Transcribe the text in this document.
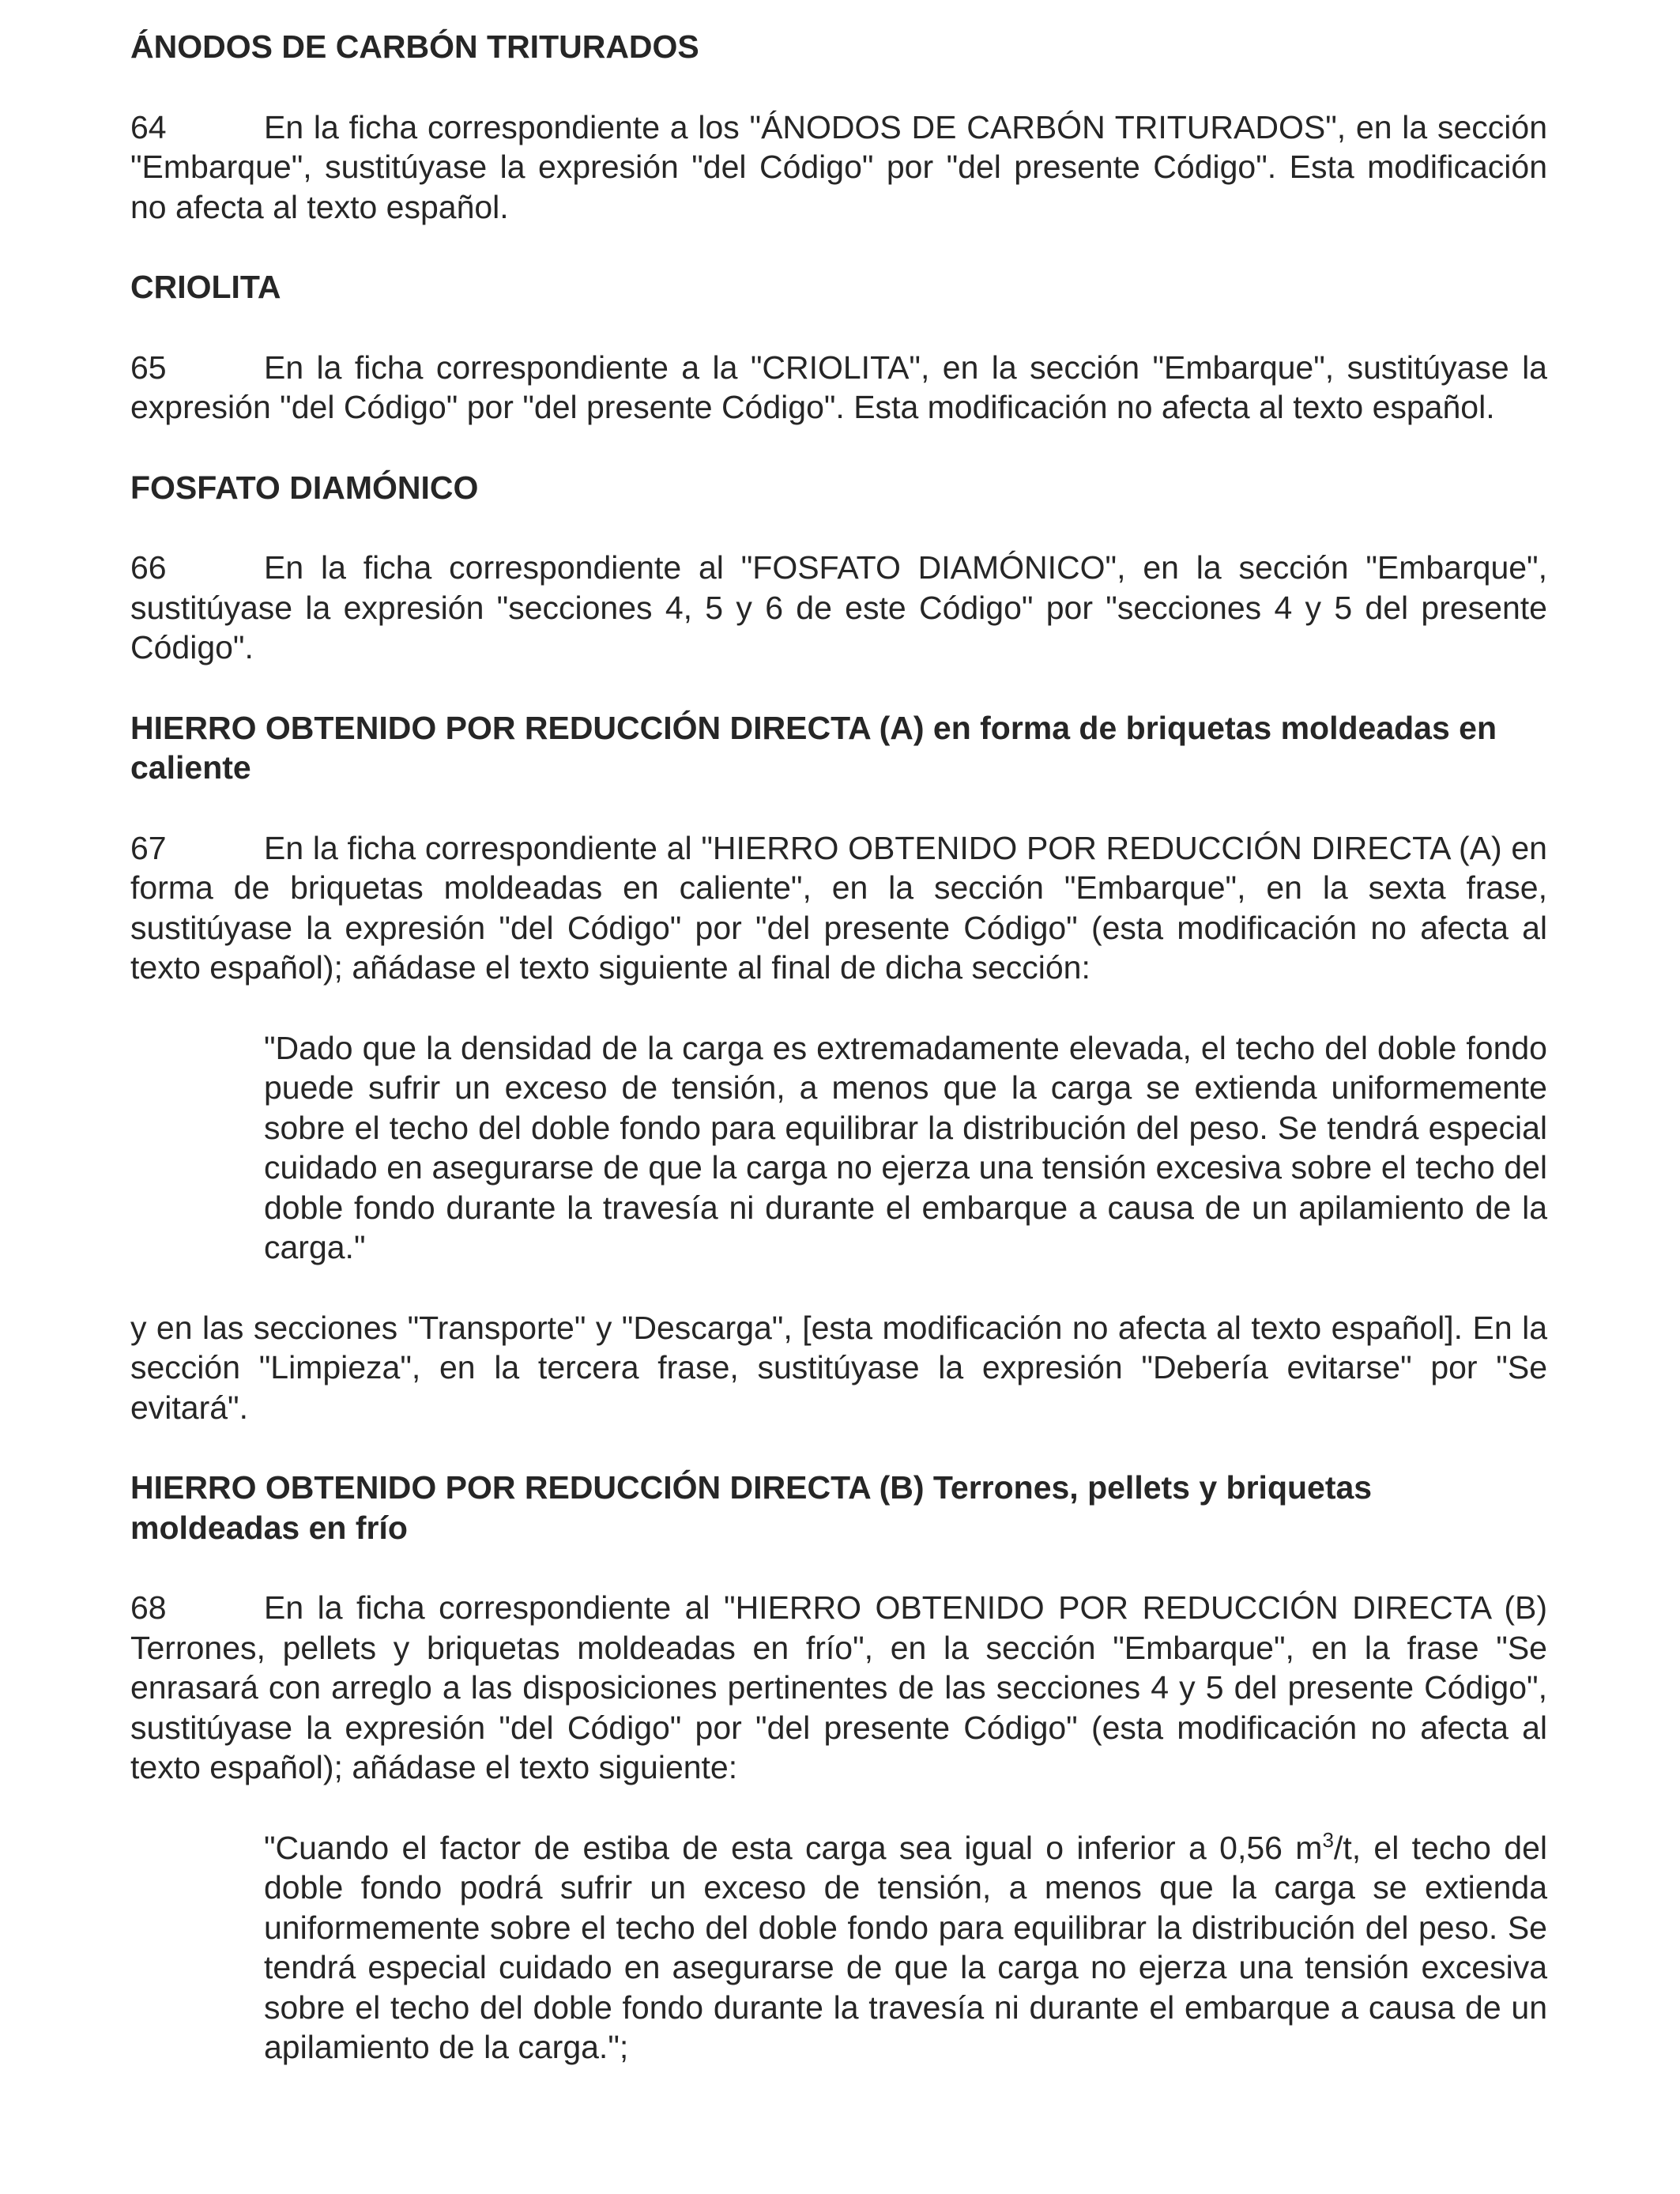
ÁNODOS DE CARBÓN TRITURADOS

64	En la ficha correspondiente a los "ÁNODOS DE CARBÓN TRITURADOS", en la sección "Embarque", sustitúyase la expresión "del Código" por "del presente Código". Esta modificación no afecta al texto español.

CRIOLITA

65	En la ficha correspondiente a la "CRIOLITA", en la sección "Embarque", sustitúyase la expresión "del Código" por "del presente Código". Esta modificación no afecta al texto español.

FOSFATO DIAMÓNICO

66	En la ficha correspondiente al "FOSFATO DIAMÓNICO", en la sección "Embarque", sustitúyase la expresión "secciones 4, 5 y 6 de este Código" por "secciones 4 y 5 del presente Código".

HIERRO OBTENIDO POR REDUCCIÓN DIRECTA (A) en forma de briquetas moldeadas en caliente

67	En la ficha correspondiente al "HIERRO OBTENIDO POR REDUCCIÓN DIRECTA (A) en forma de briquetas moldeadas en caliente", en la sección "Embarque", en la sexta frase, sustitúyase la expresión "del Código" por "del presente Código" (esta modificación no afecta al texto español); añádase el texto siguiente al final de dicha sección:

"Dado que la densidad de la carga es extremadamente elevada, el techo del doble fondo puede sufrir un exceso de tensión, a menos que la carga se extienda uniformemente sobre el techo del doble fondo para equilibrar la distribución del peso. Se tendrá especial cuidado en asegurarse de que la carga no ejerza una tensión excesiva sobre el techo del doble fondo durante la travesía ni durante el embarque a causa de un apilamiento de la carga."

y en las secciones "Transporte" y "Descarga", [esta modificación no afecta al texto español]. En la sección "Limpieza", en la tercera frase, sustitúyase la expresión "Debería evitarse" por "Se evitará".

HIERRO OBTENIDO POR REDUCCIÓN DIRECTA (B) Terrones, pellets y briquetas moldeadas en frío

68	En la ficha correspondiente al "HIERRO OBTENIDO POR REDUCCIÓN DIRECTA (B) Terrones, pellets y briquetas moldeadas en frío", en la sección "Embarque", en la frase "Se enrasará con arreglo a las disposiciones pertinentes de las secciones 4 y 5 del presente Código", sustitúyase la expresión "del Código" por "del presente Código" (esta modificación no afecta al texto español); añádase el texto siguiente:

"Cuando el factor de estiba de esta carga sea igual o inferior a 0,56 $m^3/t$, el techo del doble fondo podrá sufrir un exceso de tensión, a menos que la carga se extienda uniformemente sobre el techo del doble fondo para equilibrar la distribución del peso. Se tendrá especial cuidado en asegurarse de que la carga no ejerza una tensión excesiva sobre el techo del doble fondo durante la travesía ni durante el embarque a causa de un apilamiento de la carga.";
